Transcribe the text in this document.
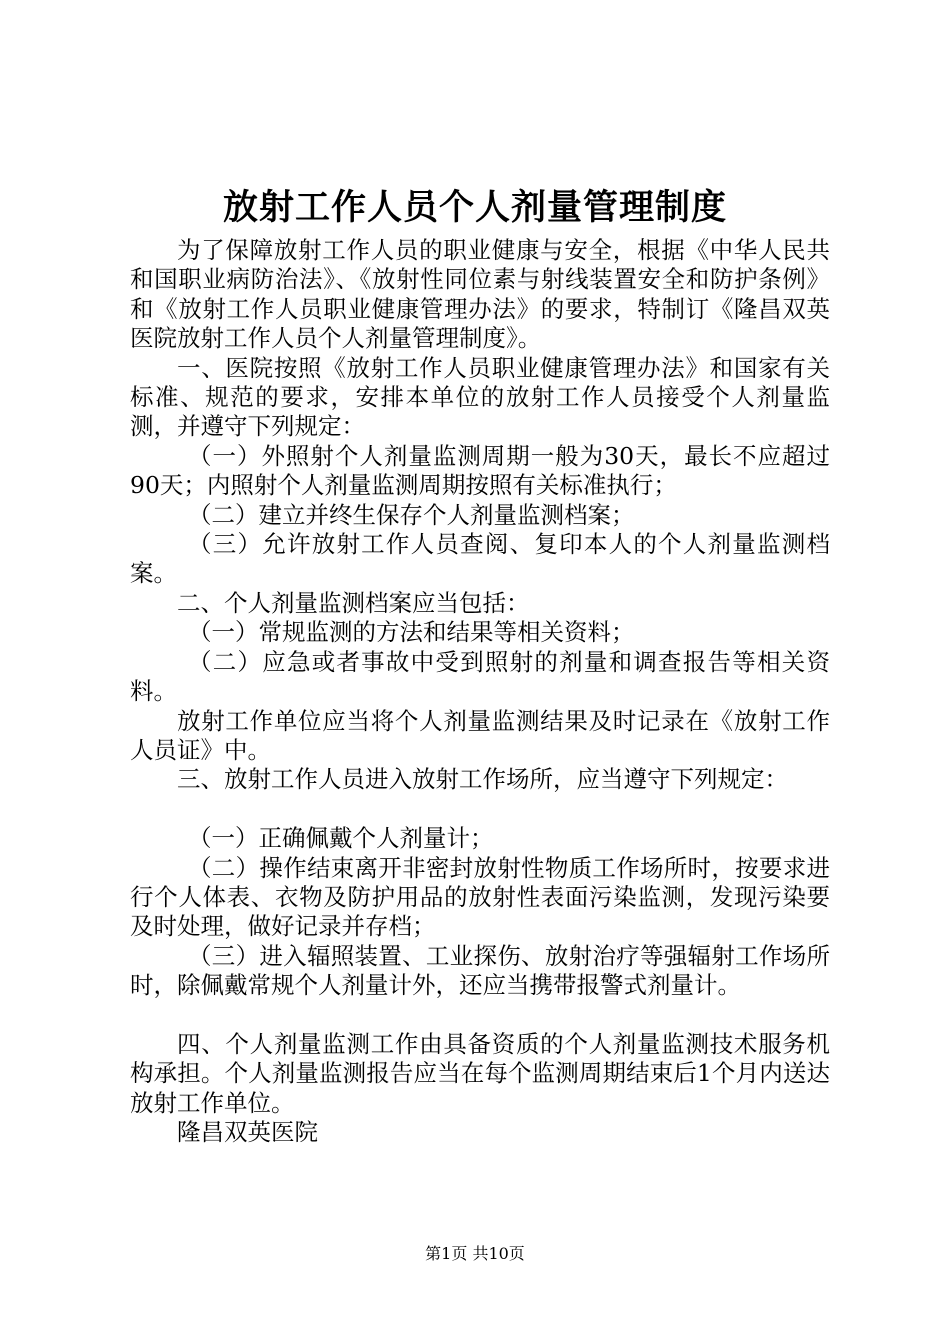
放射工作人员个人剂量管理制度

为了保障放射工作人员的职业健康与安全，根据《中华人民共和国职业病防治法》、《放射性同位素与射线装置安全和防护条例》和《放射工作人员职业健康管理办法》的要求，特制订《隆昌双英医院放射工作人员个人剂量管理制度》。

一、医院按照《放射工作人员职业健康管理办法》和国家有关标准、规范的要求，安排本单位的放射工作人员接受个人剂量监测，并遵守下列规定：

（一）外照射个人剂量监测周期一般为30天，最长不应超过90天；内照射个人剂量监测周期按照有关标准执行；

（二）建立并终生保存个人剂量监测档案；

（三）允许放射工作人员查阅、复印本人的个人剂量监测档案。

二、个人剂量监测档案应当包括：

（一）常规监测的方法和结果等相关资料；

（二）应急或者事故中受到照射的剂量和调查报告等相关资料。

放射工作单位应当将个人剂量监测结果及时记录在《放射工作人员证》中。

三、放射工作人员进入放射工作场所，应当遵守下列规定：

（一）正确佩戴个人剂量计；

（二）操作结束离开非密封放射性物质工作场所时，按要求进行个人体表、衣物及防护用品的放射性表面污染监测，发现污染要及时处理，做好记录并存档；

（三）进入辐照装置、工业探伤、放射治疗等强辐射工作场所时，除佩戴常规个人剂量计外，还应当携带报警式剂量计。

四、个人剂量监测工作由具备资质的个人剂量监测技术服务机构承担。个人剂量监测报告应当在每个监测周期结束后1个月内送达放射工作单位。

隆昌双英医院

第1页 共10页
